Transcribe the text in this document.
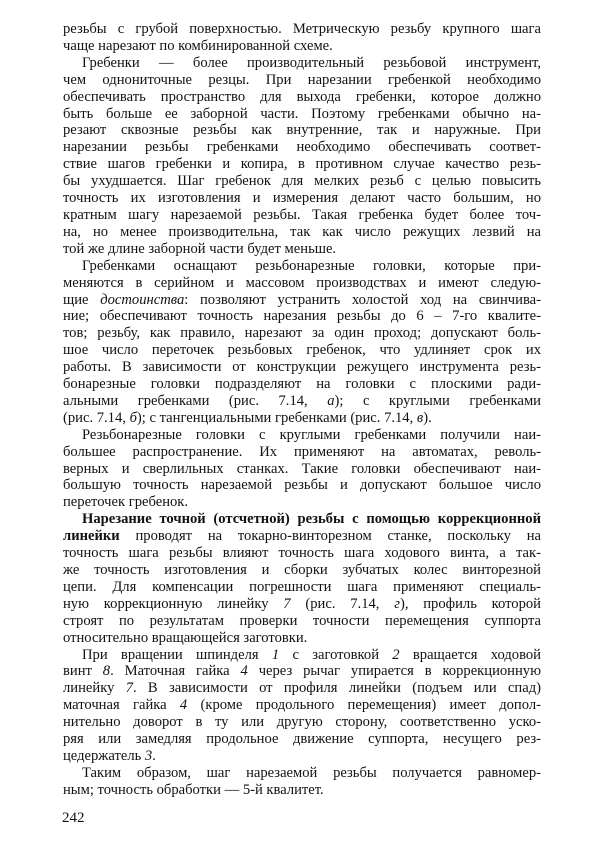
резьбы с грубой поверхностью. Метрическую резьбу крупного шага
чаще нарезают по комбинированной схеме.
Гребенки — более производительный резьбовой инструмент,
чем однониточные резцы. При нарезании гребенкой необходимо
обеспечивать пространство для выхода гребенки, которое должно
быть больше ее заборной части. Поэтому гребенками обычно на-
резают сквозные резьбы как внутренние, так и наружные. При
нарезании резьбы гребенками необходимо обеспечивать соответ-
ствие шагов гребенки и копира, в противном случае качество резь-
бы ухудшается. Шаг гребенок для мелких резьб с целью повысить
точность их изготовления и измерения делают часто большим, но
кратным шагу нарезаемой резьбы. Такая гребенка будет более точ-
на, но менее производительна, так как число режущих лезвий на
той же длине заборной части будет меньше.
Гребенками оснащают резьбонарезные головки, которые при-
меняются в серийном и массовом производствах и имеют следую-
щие достоинства: позволяют устранить холостой ход на свинчива-
ние; обеспечивают точность нарезания резьбы до 6 – 7-го квалите-
тов; резьбу, как правило, нарезают за один проход; допускают боль-
шое число переточек резьбовых гребенок, что удлиняет срок их
работы. В зависимости от конструкции режущего инструмента резь-
бонарезные головки подразделяют на головки с плоскими ради-
альными гребенками (рис. 7.14, а); с круглыми гребенками
(рис. 7.14, б); с тангенциальными гребенками (рис. 7.14, в).
Резьбонарезные головки с круглыми гребенками получили наи-
большее распространение. Их применяют на автоматах, револь-
верных и сверлильных станках. Такие головки обеспечивают наи-
большую точность нарезаемой резьбы и допускают большое число
переточек гребенок.
Нарезание точной (отсчетной) резьбы с помощью коррекционной
линейки проводят на токарно-винторезном станке, поскольку на
точность шага резьбы влияют точность шага ходового винта, а так-
же точность изготовления и сборки зубчатых колес винторезной
цепи. Для компенсации погрешности шага применяют специаль-
ную коррекционную линейку 7 (рис. 7.14, г), профиль которой
строят по результатам проверки точности перемещения суппорта
относительно вращающейся заготовки.
При вращении шпинделя 1 с заготовкой 2 вращается ходовой
винт 8. Маточная гайка 4 через рычаг упирается в коррекционную
линейку 7. В зависимости от профиля линейки (подъем или спад)
маточная гайка 4 (кроме продольного перемещения) имеет допол-
нительно доворот в ту или другую сторону, соответственно уско-
ряя или замедляя продольное движение суппорта, несущего рез-
цедержатель 3.
Таким образом, шаг нарезаемой резьбы получается равномер-
ным; точность обработки — 5-й квалитет.
242
